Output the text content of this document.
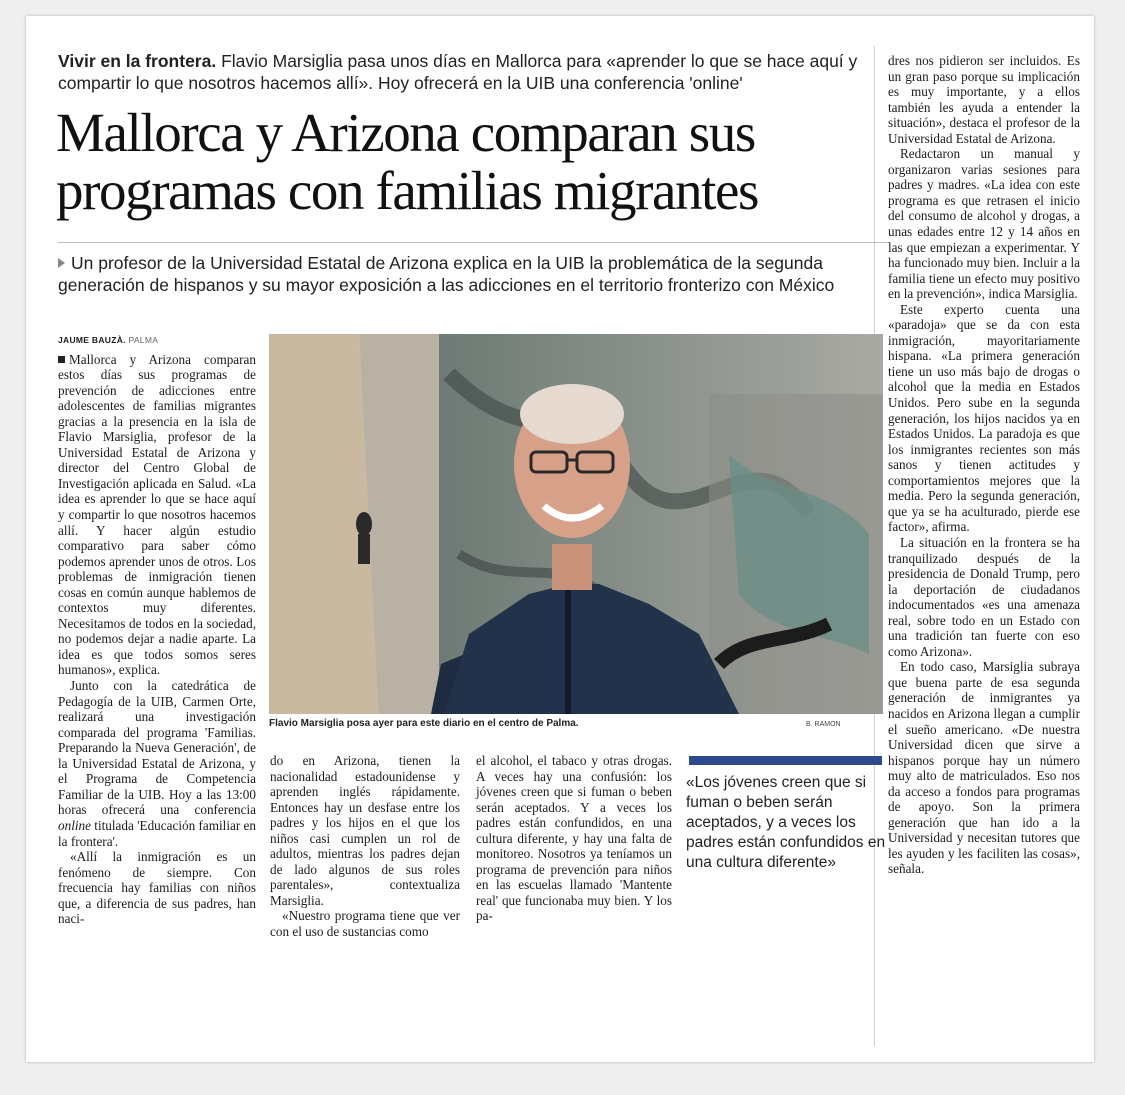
Vivir en la frontera. Flavio Marsiglia pasa unos días en Mallorca para «aprender lo que se hace aquí y compartir lo que nosotros hacemos allí». Hoy ofrecerá en la UIB una conferencia 'online'
Mallorca y Arizona comparan sus programas con familias migrantes
Un profesor de la Universidad Estatal de Arizona explica en la UIB la problemática de la segunda generación de hispanos y su mayor exposición a las adicciones en el territorio fronterizo con México
JAUME BAUZÀ. PALMA

Mallorca y Arizona comparan estos días sus programas de prevención de adicciones entre adolescentes de familias migrantes gracias a la presencia en la isla de Flavio Marsiglia, profesor de la Universidad Estatal de Arizona y director del Centro Global de Investigación aplicada en Salud. «La idea es aprender lo que se hace aquí y compartir lo que nosotros hacemos allí. Y hacer algún estudio comparativo para saber cómo podemos aprender unos de otros. Los problemas de inmigración tienen cosas en común aunque hablemos de contextos muy diferentes. Necesitamos de todos en la sociedad, no podemos dejar a nadie aparte. La idea es que todos somos seres humanos», explica.

Junto con la catedrática de Pedagogía de la UIB, Carmen Orte, realizará una investigación comparada del programa 'Familias. Preparando la Nueva Generación', de la Universidad Estatal de Arizona, y el Programa de Competencia Familiar de la UIB. Hoy a las 13:00 horas ofrecerá una conferencia online titulada 'Educación familiar en la frontera'.

«Allí la inmigración es un fenómeno de siempre. Con frecuencia hay familias con niños que, a diferencia de sus padres, han naci-

Flavio Marsiglia posa ayer para este diario en el centro de Palma.	B. RAMON

do en Arizona, tienen la nacionalidad estadounidense y aprenden inglés rápidamente. Entonces hay un desfase entre los padres y los hijos en el que los niños casi cumplen un rol de adultos, mientras los padres dejan de lado algunos de sus roles parentales», contextualiza Marsiglia.

«Nuestro programa tiene que ver con el uso de sustancias como

el alcohol, el tabaco y otras drogas. A veces hay una confusión: los jóvenes creen que si fuman o beben serán aceptados. Y a veces los padres están confundidos, en una cultura diferente, y hay una falta de monitoreo. Nosotros ya teníamos un programa de prevención para niños en las escuelas llamado 'Mantente real' que funcionaba muy bien. Y los pa-

«Los jóvenes creen que si fuman o beben serán aceptados, y a veces los padres están confundidos en una cultura diferente»

dres nos pidieron ser incluidos. Es un gran paso porque su implicación es muy importante, y a ellos también les ayuda a entender la situación», destaca el profesor de la Universidad Estatal de Arizona.

Redactaron un manual y organizaron varias sesiones para padres y madres. «La idea con este programa es que retrasen el inicio del consumo de alcohol y drogas, a unas edades entre 12 y 14 años en las que empiezan a experimentar. Y ha funcionado muy bien. Incluir a la familia tiene un efecto muy positivo en la prevención», indica Marsiglia.

Este experto cuenta una «paradoja» que se da con esta inmigración, mayoritariamente hispana. «La primera generación tiene un uso más bajo de drogas o alcohol que la media en Estados Unidos. Pero sube en la segunda generación, los hijos nacidos ya en Estados Unidos. La paradoja es que los inmigrantes recientes son más sanos y tienen actitudes y comportamientos mejores que la media. Pero la segunda generación, que ya se ha aculturado, pierde ese factor», afirma.

La situación en la frontera se ha tranquilizado después de la presidencia de Donald Trump, pero la deportación de ciudadanos indocumentados «es una amenaza real, sobre todo en un Estado con una tradición tan fuerte con eso como Arizona».

En todo caso, Marsiglia subraya que buena parte de esa segunda generación de inmigrantes ya nacidos en Arizona llegan a cumplir el sueño americano. «De nuestra Universidad dicen que sirve a hispanos porque hay un número muy alto de matriculados. Eso nos da acceso a fondos para programas de apoyo. Son la primera generación que han ido a la Universidad y necesitan tutores que les ayuden y les faciliten las cosas», señala.
